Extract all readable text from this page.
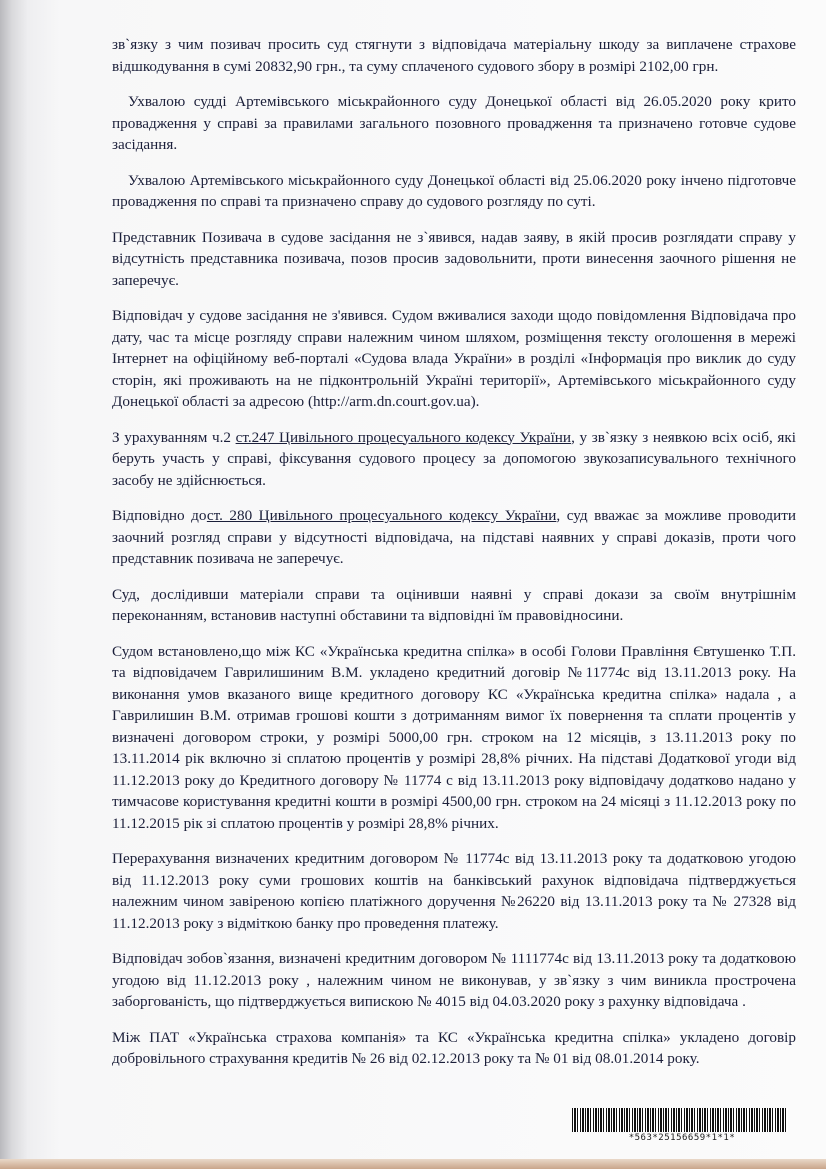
зв`язку з чим позивач просить суд стягнути з відповідача матеріальну шкоду за виплачене страхове відшкодування в сумі 20832,90 грн., та суму сплаченого судового збору в розмірі 2102,00 грн.

Ухвалою судді Артемівського міськрайонного суду Донецької області від 26.05.2020 року крито провадження у справі за правилами загального позовного провадження та призначено готовче судове засідання.

Ухвалою Артемівського міськрайонного суду Донецької області від 25.06.2020 року інчено підготовче провадження по справі та призначено справу до судового розгляду по суті.

Представник Позивача в судове засідання не з`явився, надав заяву, в якій просив розглядати справу у відсутність представника позивача, позов просив задовольнити, проти винесення заочного рішення не заперечує.

Відповідач у судове засідання не з'явився. Судом вживалися заходи щодо повідомлення Відповідача про дату, час та місце розгляду справи належним чином шляхом, розміщення тексту оголошення в мережі Інтернет на офіційному веб-порталі «Судова влада України» в розділі «Інформація про виклик до суду сторін, які проживають на не підконтрольній Україні території», Артемівського міськрайонного суду Донецької області за адресою (http://arm.dn.court.gov.ua).

З урахуванням ч.2 ст.247 Цивільного процесуального кодексу України, у зв`язку з неявкою всіх осіб, які беруть участь у справі, фіксування судового процесу за допомогою звукозаписувального технічного засобу не здійснюється.

Відповідно дост. 280 Цивільного процесуального кодексу України, суд вважає за можливе проводити заочний розгляд справи у відсутності відповідача, на підставі наявних у справі доказів, проти чого представник позивача не заперечує.

Суд, дослідивши матеріали справи та оцінивши наявні у справі докази за своїм внутрішнім переконанням, встановив наступні обставини та відповідні їм правовідносини.

Судом встановлено,що між КС «Українська кредитна спілка» в особі Голови Правління Євтушенко Т.П. та відповідачем Гаврилишиним В.М. укладено кредитний договір №11774с від 13.11.2013 року. На виконання умов вказаного вище кредитного договору КС «Українська кредитна спілка» надала , а Гаврилишин В.М. отримав грошові кошти з дотриманням вимог їх повернення та сплати процентів у визначені договором строки, у розмірі 5000,00 грн. строком на 12 місяців, з 13.11.2013 року по 13.11.2014 рік включно зі сплатою процентів у розмірі 28,8% річних. На підставі Додаткової угоди від 11.12.2013 року до Кредитного договору № 11774 с від 13.11.2013 року відповідачу додатково надано у тимчасове користування кредитні кошти в розмірі 4500,00 грн. строком на 24 місяці з 11.12.2013 року по 11.12.2015 рік зі сплатою процентів у розмірі 28,8% річних.

Перерахування визначених кредитним договором № 11774с від 13.11.2013 року та додатковою угодою від 11.12.2013 року суми грошових коштів на банківський рахунок відповідача підтверджується належним чином завіреною копією платіжного доручення №26220 від 13.11.2013 року та № 27328 від 11.12.2013 року з відміткою банку про проведення платежу.

Відповідач зобов`язання, визначені кредитним договором № 1111774с від 13.11.2013 року та додатковою угодою від 11.12.2013 року , належним чином не виконував, у зв`язку з чим виникла прострочена заборгованість, що підтверджується випискою № 4015 від 04.03.2020 року з рахунку відповідача .

Між ПАТ «Українська страхова компанія» та КС «Українська кредитна спілка» укладено договір добровільного страхування кредитів № 26 від 02.12.2013 року та № 01 від 08.01.2014 року.

*563*25156659*1*1*
